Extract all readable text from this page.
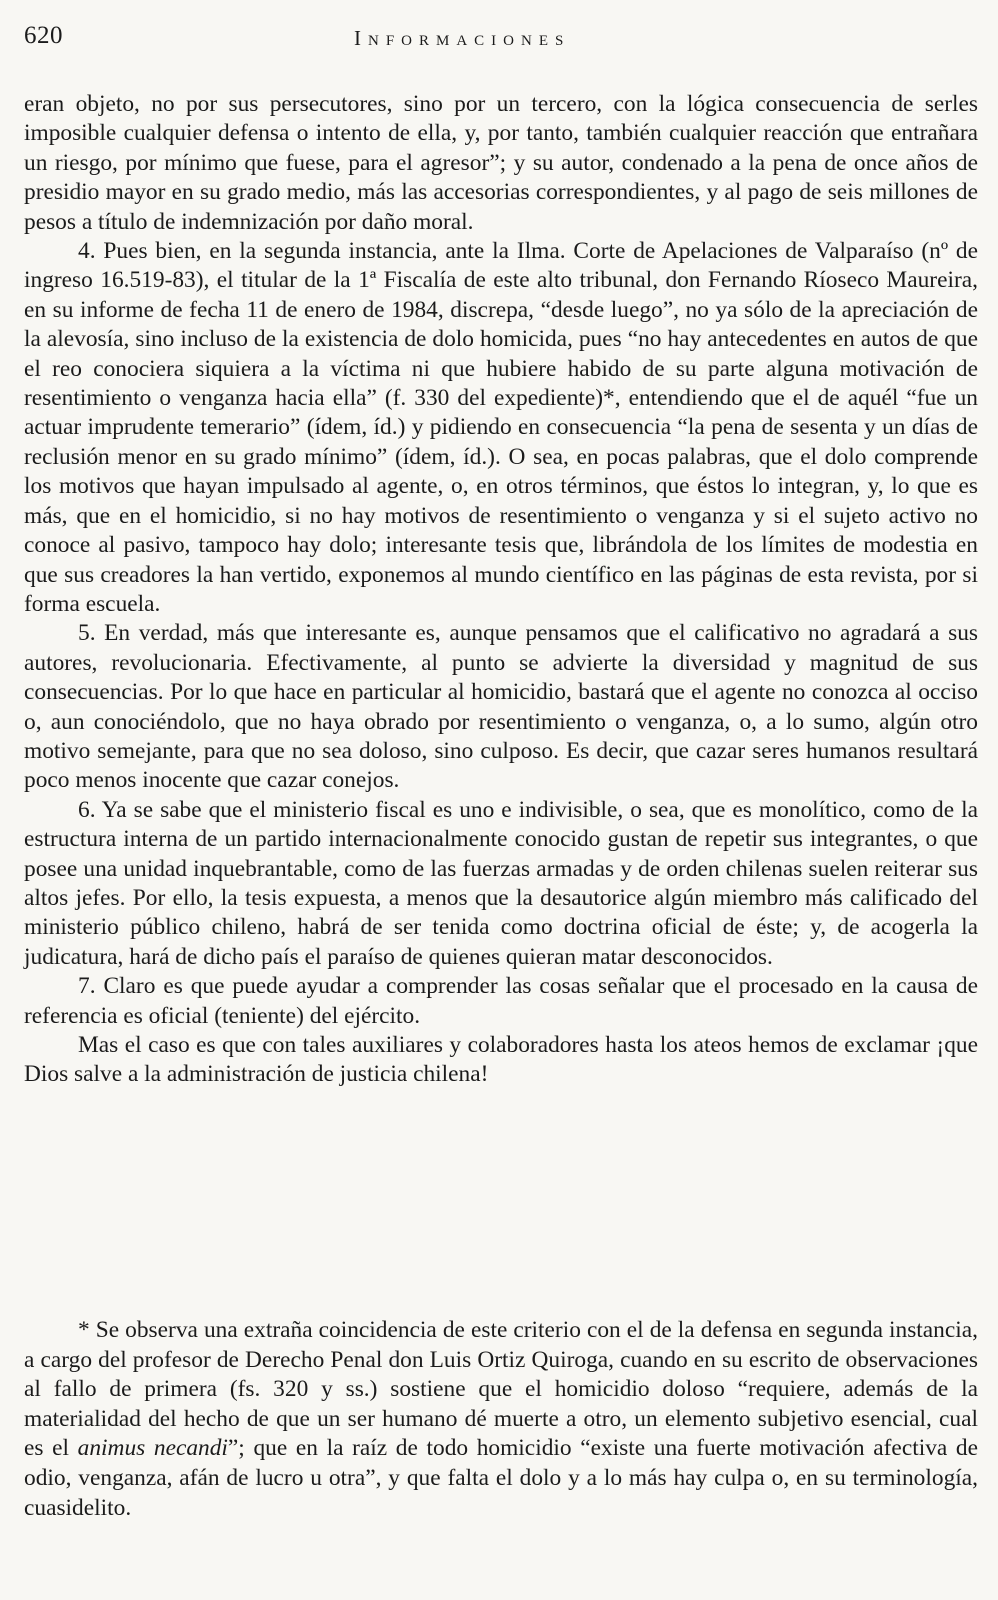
620	Informaciones

eran objeto, no por sus persecutores, sino por un tercero, con la lógica consecuencia de serles imposible cualquier defensa o intento de ella, y, por tanto, también cualquier reacción que entrañara un riesgo, por mínimo que fuese, para el agresor”; y su autor, condenado a la pena de once años de presidio mayor en su grado medio, más las accesorias correspondientes, y al pago de seis millones de pesos a título de indemnización por daño moral.

4. Pues bien, en la segunda instancia, ante la Ilma. Corte de Apelaciones de Valparaíso (nº de ingreso 16.519-83), el titular de la 1ª Fiscalía de este alto tribunal, don Fernando Ríoseco Maureira, en su informe de fecha 11 de enero de 1984, discrepa, “desde luego”, no ya sólo de la apreciación de la alevosía, sino incluso de la existencia de dolo homicida, pues “no hay antecedentes en autos de que el reo conociera siquiera a la víctima ni que hubiere habido de su parte alguna motivación de resentimiento o venganza hacia ella” (f. 330 del expediente)*, entendiendo que el de aquél “fue un actuar imprudente temerario” (ídem, íd.) y pidiendo en consecuencia “la pena de sesenta y un días de reclusión menor en su grado mínimo” (ídem, íd.). O sea, en pocas palabras, que el dolo comprende los motivos que hayan impulsado al agente, o, en otros términos, que éstos lo integran, y, lo que es más, que en el homicidio, si no hay motivos de resentimiento o venganza y si el sujeto activo no conoce al pasivo, tampoco hay dolo; interesante tesis que, librándola de los límites de modestia en que sus creadores la han vertido, exponemos al mundo científico en las páginas de esta revista, por si forma escuela.

5. En verdad, más que interesante es, aunque pensamos que el calificativo no agradará a sus autores, revolucionaria. Efectivamente, al punto se advierte la diversidad y magnitud de sus consecuencias. Por lo que hace en particular al homicidio, bastará que el agente no conozca al occiso o, aun conociéndolo, que no haya obrado por resentimiento o venganza, o, a lo sumo, algún otro motivo semejante, para que no sea doloso, sino culposo. Es decir, que cazar seres humanos resultará poco menos inocente que cazar conejos.

6. Ya se sabe que el ministerio fiscal es uno e indivisible, o sea, que es monolítico, como de la estructura interna de un partido internacionalmente conocido gustan de repetir sus integrantes, o que posee una unidad inquebrantable, como de las fuerzas armadas y de orden chilenas suelen reiterar sus altos jefes. Por ello, la tesis expuesta, a menos que la desautorice algún miembro más calificado del ministerio público chileno, habrá de ser tenida como doctrina oficial de éste; y, de acogerla la judicatura, hará de dicho país el paraíso de quienes quieran matar desconocidos.

7. Claro es que puede ayudar a comprender las cosas señalar que el procesado en la causa de referencia es oficial (teniente) del ejército.

Mas el caso es que con tales auxiliares y colaboradores hasta los ateos hemos de exclamar ¡que Dios salve a la administración de justicia chilena!

* Se observa una extraña coincidencia de este criterio con el de la defensa en segunda instancia, a cargo del profesor de Derecho Penal don Luis Ortiz Quiroga, cuando en su escrito de observaciones al fallo de primera (fs. 320 y ss.) sostiene que el homicidio doloso “requiere, además de la materialidad del hecho de que un ser humano dé muerte a otro, un elemento subjetivo esencial, cual es el animus necandi”; que en la raíz de todo homicidio “existe una fuerte motivación afectiva de odio, venganza, afán de lucro u otra”, y que falta el dolo y a lo más hay culpa o, en su terminología, cuasidelito.
